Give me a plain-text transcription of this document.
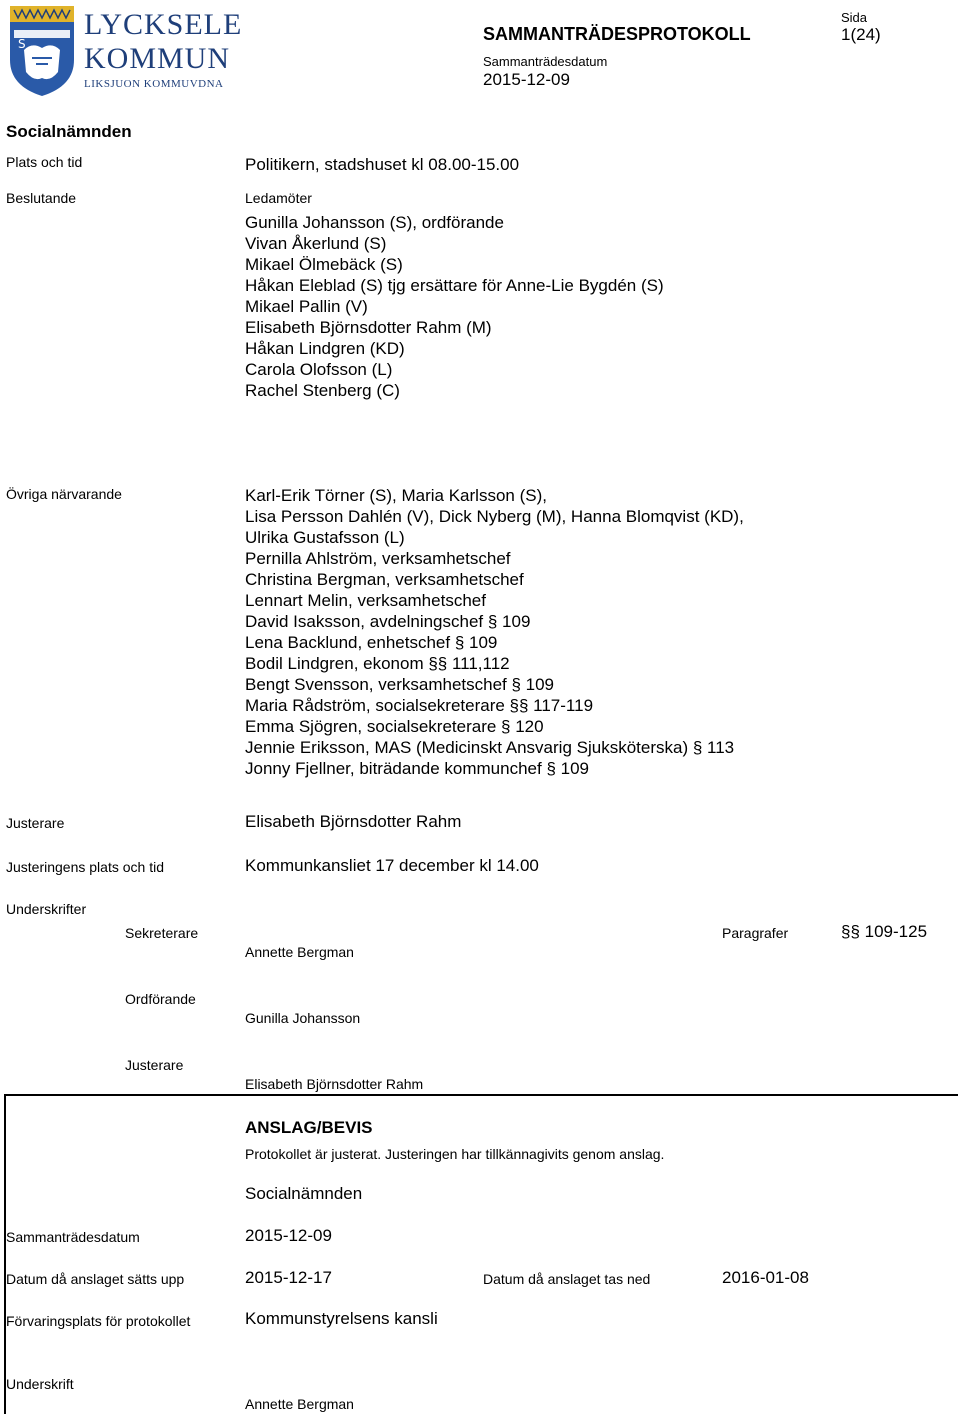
S
LYCKSELE
KOMMUN
LIKSJUON KOMMUVDNA
SAMMANTRÄDESPROTOKOLL
Sammanträdesdatum
2015-12-09
Sida
1(24)
Socialnämnden
Plats och tid	Politikern, stadshuset kl 08.00-15.00
Beslutande	Ledamöter
Gunilla Johansson (S), ordförande
Vivan Åkerlund (S)
Mikael Ölmebäck (S)
Håkan Eleblad (S) tjg ersättare för Anne-Lie Bygdén (S)
Mikael Pallin (V)
Elisabeth Björnsdotter Rahm (M)
Håkan Lindgren (KD)
Carola Olofsson (L)
Rachel Stenberg (C)
Övriga närvarande	Karl-Erik Törner (S), Maria Karlsson (S),
Lisa Persson Dahlén (V), Dick Nyberg (M), Hanna Blomqvist (KD),
Ulrika Gustafsson (L)
Pernilla Ahlström, verksamhetschef
Christina Bergman, verksamhetschef
Lennart Melin, verksamhetschef
David Isaksson, avdelningschef § 109
Lena Backlund, enhetschef § 109
Bodil Lindgren, ekonom §§ 111,112
Bengt Svensson, verksamhetschef § 109
Maria Rådström, socialsekreterare §§ 117-119
Emma Sjögren, socialsekreterare § 120
Jennie Eriksson, MAS (Medicinskt Ansvarig Sjuksköterska) § 113
Jonny Fjellner, biträdande kommunchef § 109
Justerare	Elisabeth Björnsdotter Rahm
Justeringens plats och tid	Kommunkansliet 17 december kl 14.00
Underskrifter
Sekreterare
Annette Bergman
Paragrafer	§§ 109-125
Ordförande
Gunilla Johansson
Justerare
Elisabeth Björnsdotter Rahm
ANSLAG/BEVIS
Protokollet är justerat. Justeringen har tillkännagivits genom anslag.
Socialnämnden
Sammanträdesdatum	2015-12-09
Datum då anslaget sätts upp	2015-12-17	Datum då anslaget tas ned	2016-01-08
Förvaringsplats för protokollet	Kommunstyrelsens kansli
Underskrift
Annette Bergman
